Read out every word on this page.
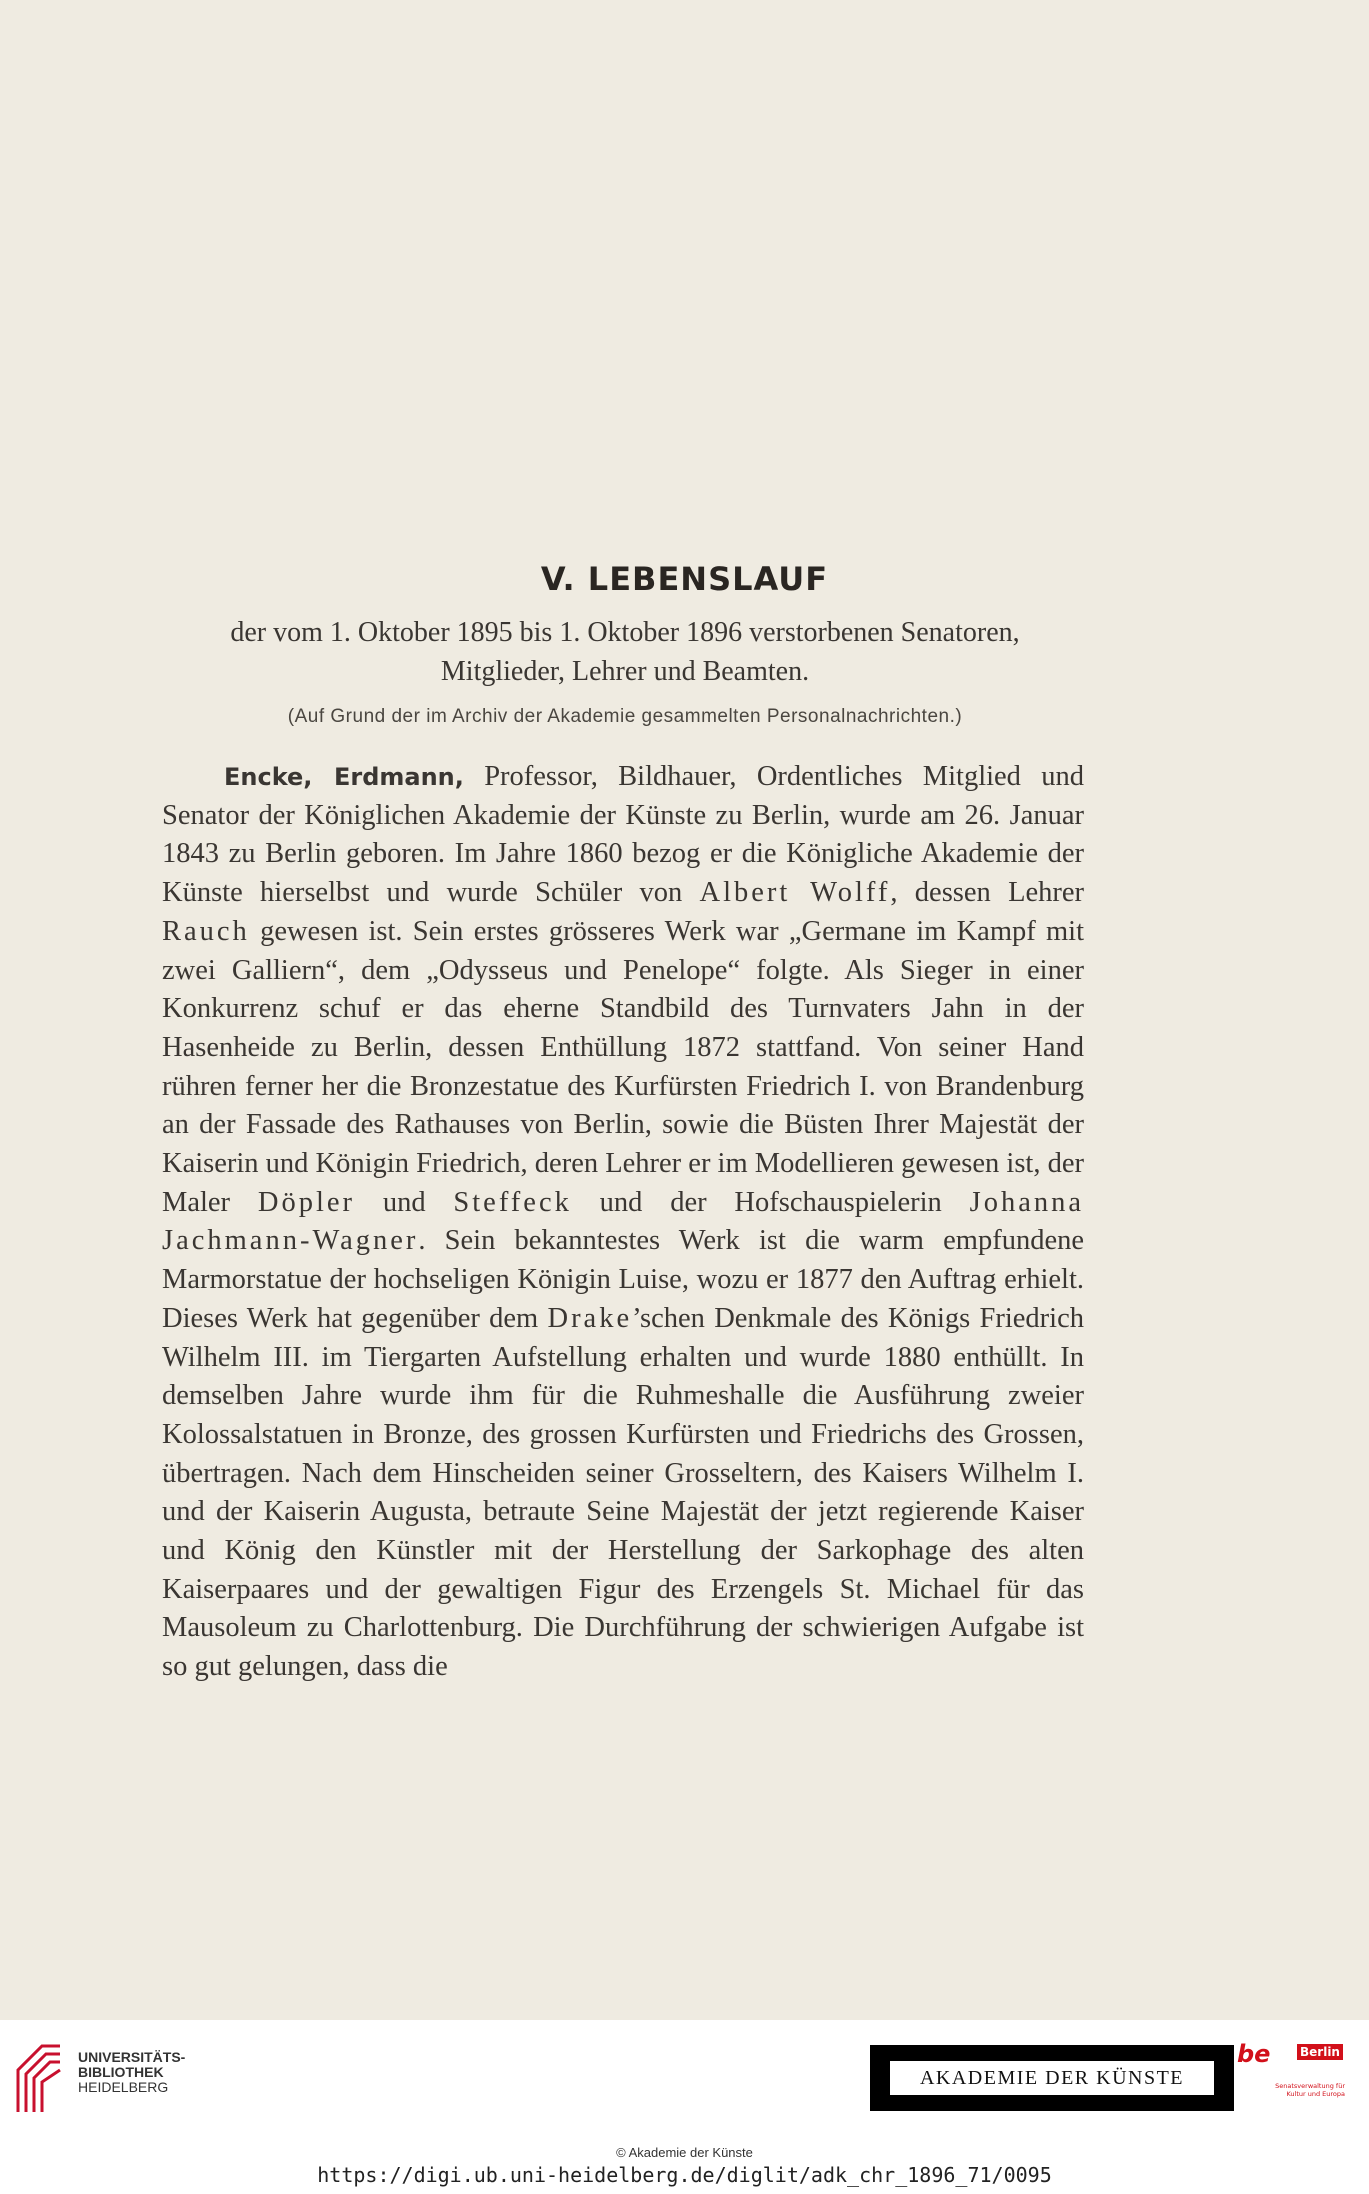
V. LEBENSLAUF
der vom 1. Oktober 1895 bis 1. Oktober 1896 verstorbenen Senatoren,
Mitglieder, Lehrer und Beamten.
(Auf Grund der im Archiv der Akademie gesammelten Personalnachrichten.)
Encke, Erdmann, Professor, Bildhauer, Ordentliches Mitglied und Senator der Königlichen Akademie der Künste zu Berlin, wurde am 26. Januar 1843 zu Berlin geboren. Im Jahre 1860 bezog er die Königliche Akademie der Künste hierselbst und wurde Schüler von Albert Wolff, dessen Lehrer Rauch gewesen ist. Sein erstes grösseres Werk war „Germane im Kampf mit zwei Galliern“, dem „Odysseus und Penelope“ folgte. Als Sieger in einer Konkurrenz schuf er das eherne Standbild des Turnvaters Jahn in der Hasenheide zu Berlin, dessen Enthüllung 1872 stattfand. Von seiner Hand rühren ferner her die Bronzestatue des Kurfürsten Friedrich I. von Brandenburg an der Fassade des Rathauses von Berlin, sowie die Büsten Ihrer Majestät der Kaiserin und Königin Friedrich, deren Lehrer er im Modellieren gewesen ist, der Maler Döpler und Steffeck und der Hofschauspielerin Johanna Jachmann-Wagner. Sein bekanntestes Werk ist die warm empfundene Marmorstatue der hochseligen Königin Luise, wozu er 1877 den Auftrag erhielt. Dieses Werk hat gegenüber dem Drake’schen Denkmale des Königs Friedrich Wilhelm III. im Tiergarten Aufstellung erhalten und wurde 1880 enthüllt. In demselben Jahre wurde ihm für die Ruhmeshalle die Ausführung zweier Kolossalstatuen in Bronze, des grossen Kurfürsten und Friedrichs des Grossen, übertragen. Nach dem Hinscheiden seiner Grosseltern, des Kaisers Wilhelm I. und der Kaiserin Augusta, betraute Seine Majestät der jetzt regierende Kaiser und König den Künstler mit der Herstellung der Sarkophage des alten Kaiserpaares und der gewaltigen Figur des Erzengels St. Michael für das Mausoleum zu Charlottenburg. Die Durchführung der schwierigen Aufgabe ist so gut gelungen, dass die
UNIVERSITÄTS-
BIBLIOTHEK
HEIDELBERG	AKADEMIE DER KÜNSTE
be Berlin
Senatsverwaltung für Kultur und Europa
© Akademie der Künste
https://digi.ub.uni-heidelberg.de/diglit/adk_chr_1896_71/0095
